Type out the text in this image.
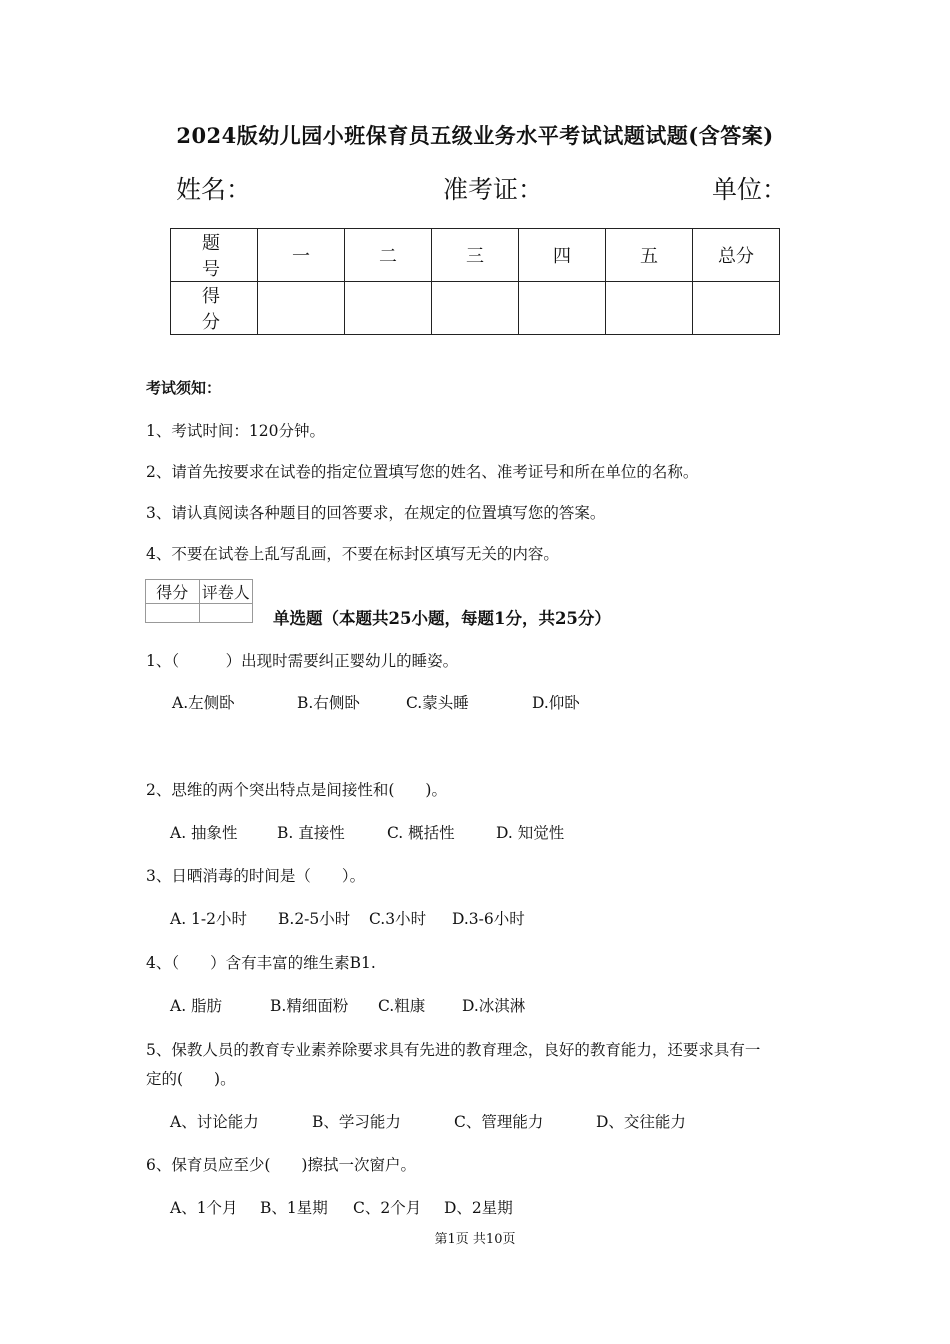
2024版幼儿园小班保育员五级业务水平考试试题试题(含答案)
姓名：	准考证：	单位：
题 号	一	二	三	四	五	总分
得 分						
考试须知：
1、考试时间：120分钟。
2、请首先按要求在试卷的指定位置填写您的姓名、准考证号和所在单位的名称。
3、请认真阅读各种题目的回答要求，在规定的位置填写您的答案。
4、不要在试卷上乱写乱画，不要在标封区填写无关的内容。
得分	评卷人

单选题（本题共25小题，每题1分，共25分）
1、（　　　）出现时需要纠正婴幼儿的睡姿。
A.左侧卧	B.右侧卧	C.蒙头睡	D.仰卧
2、思维的两个突出特点是间接性和(　　)。
A. 抽象性	B. 直接性	C. 概括性	D. 知觉性
3、日晒消毒的时间是（　　）。
A. 1-2小时 B.2-5小时 C.3小时 D.3-6小时
4、（　　）含有丰富的维生素B1.
A. 脂肪	B.精细面粉 C.粗康 D.冰淇淋
5、保教人员的教育专业素养除要求具有先进的教育理念，良好的教育能力，还要求具有一
定的(　　)。
A、讨论能力	B、学习能力	C、管理能力	D、交往能力
6、保育员应至少(　　)擦拭一次窗户。
A、1个月 B、1星期 C、2个月 D、2星期
第1页 共10页
